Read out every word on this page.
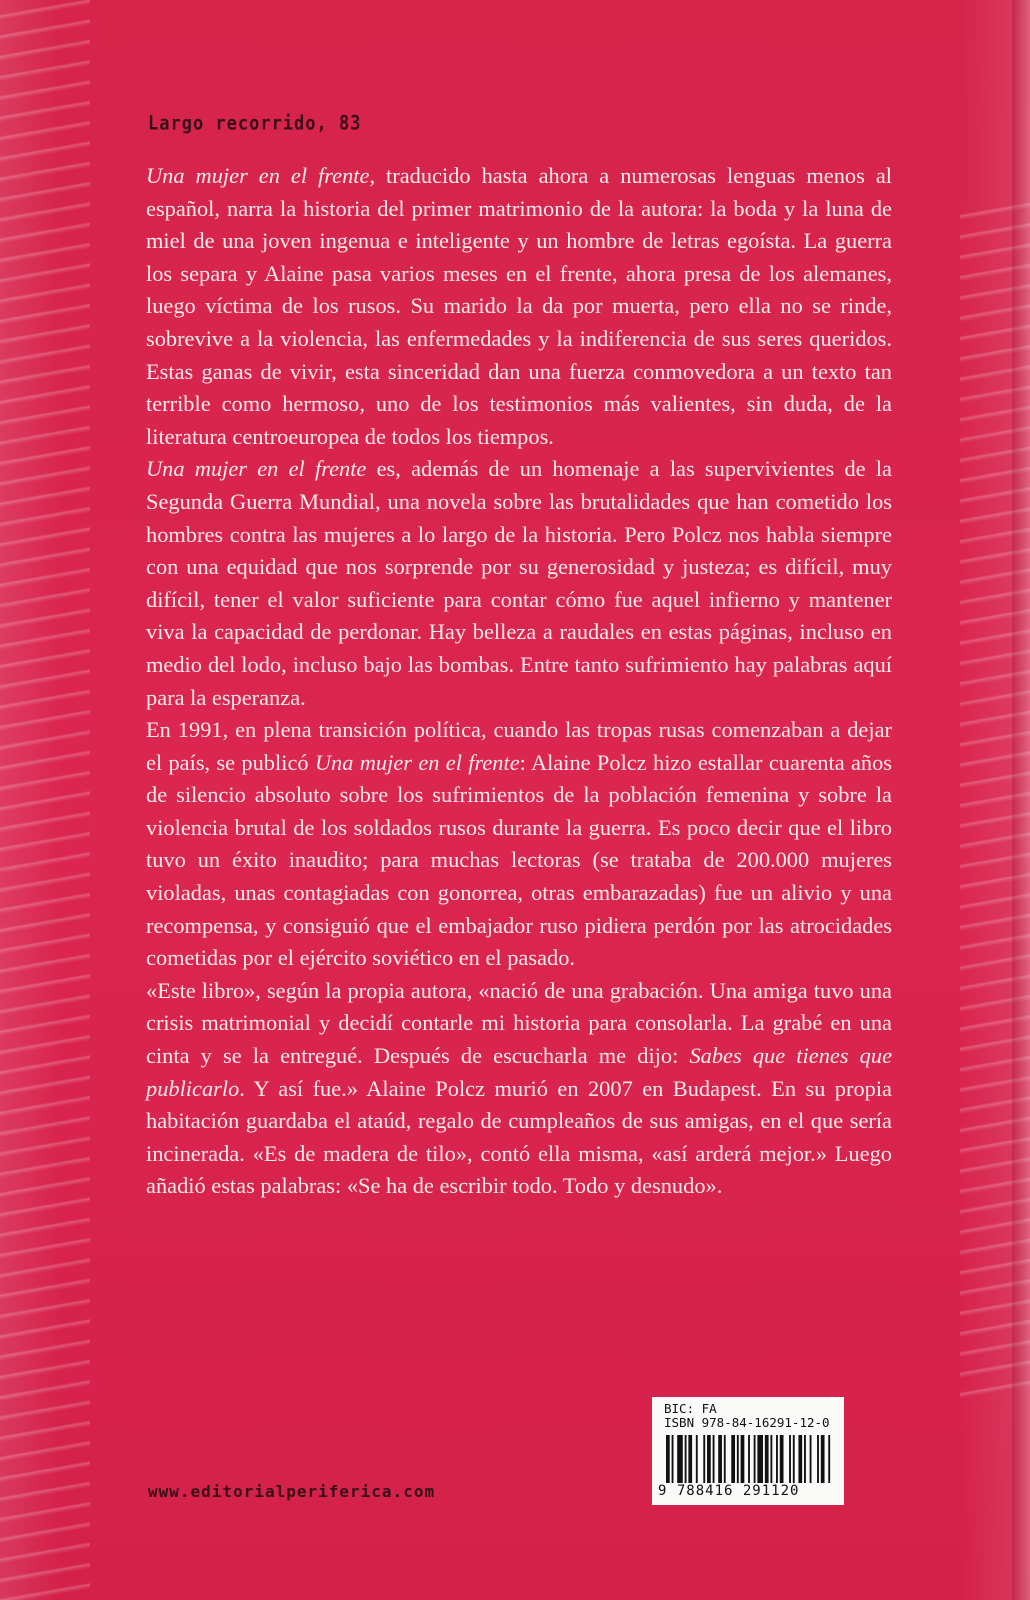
Largo recorrido, 83

Una mujer en el frente, traducido hasta ahora a numerosas lenguas menos al español, narra la historia del primer matrimonio de la autora: la boda y la luna de miel de una joven ingenua e inteligente y un hombre de letras egoísta. La guerra los separa y Alaine pasa varios meses en el frente, ahora presa de los alemanes, luego víctima de los rusos. Su marido la da por muerta, pero ella no se rinde, sobrevive a la violencia, las enfermedades y la indiferencia de sus seres queridos. Estas ganas de vivir, esta sinceridad dan una fuerza conmovedora a un texto tan terrible como hermoso, uno de los testimonios más valientes, sin duda, de la literatura centroeuropea de todos los tiempos.

Una mujer en el frente es, además de un homenaje a las supervivientes de la Segunda Guerra Mundial, una novela sobre las brutalidades que han cometido los hombres contra las mujeres a lo largo de la historia. Pero Polcz nos habla siempre con una equidad que nos sorprende por su generosidad y justeza; es difícil, muy difícil, tener el valor suficiente para contar cómo fue aquel infierno y mantener viva la capacidad de perdonar. Hay belleza a raudales en estas páginas, incluso en medio del lodo, incluso bajo las bombas. Entre tanto sufrimiento hay palabras aquí para la esperanza.

En 1991, en plena transición política, cuando las tropas rusas comenzaban a dejar el país, se publicó Una mujer en el frente: Alaine Polcz hizo estallar cuarenta años de silencio absoluto sobre los sufrimientos de la población femenina y sobre la violencia brutal de los soldados rusos durante la guerra. Es poco decir que el libro tuvo un éxito inaudito; para muchas lectoras (se trataba de 200.000 mujeres violadas, unas contagiadas con gonorrea, otras embarazadas) fue un alivio y una recompensa, y consiguió que el embajador ruso pidiera perdón por las atrocidades cometidas por el ejército soviético en el pasado.

«Este libro», según la propia autora, «nació de una grabación. Una amiga tuvo una crisis matrimonial y decidí contarle mi historia para consolarla. La grabé en una cinta y se la entregué. Después de escucharla me dijo: Sabes que tienes que publicarlo. Y así fue.» Alaine Polcz murió en 2007 en Budapest. En su propia habitación guardaba el ataúd, regalo de cumpleaños de sus amigas, en el que sería incinerada. «Es de madera de tilo», contó ella misma, «así arderá mejor.» Luego añadió estas palabras: «Se ha de escribir todo. Todo y desnudo».

BIC: FA
ISBN 978-84-16291-12-0
9 788416 291120
www.editorialperiferica.com
